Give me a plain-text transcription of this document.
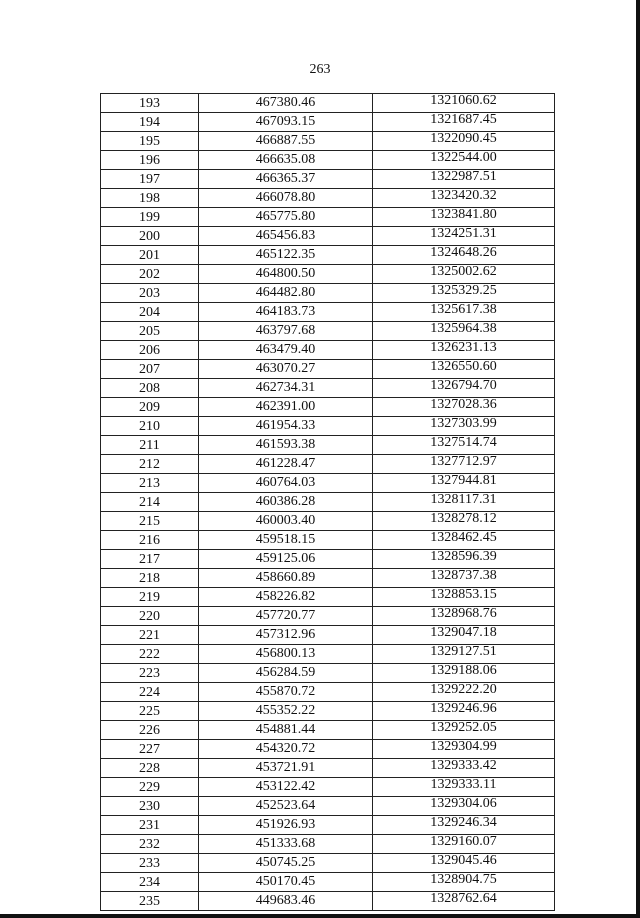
263
193	467380.46	1321060.62
194	467093.15	1321687.45
195	466887.55	1322090.45
196	466635.08	1322544.00
197	466365.37	1322987.51
198	466078.80	1323420.32
199	465775.80	1323841.80
200	465456.83	1324251.31
201	465122.35	1324648.26
202	464800.50	1325002.62
203	464482.80	1325329.25
204	464183.73	1325617.38
205	463797.68	1325964.38
206	463479.40	1326231.13
207	463070.27	1326550.60
208	462734.31	1326794.70
209	462391.00	1327028.36
210	461954.33	1327303.99
211	461593.38	1327514.74
212	461228.47	1327712.97
213	460764.03	1327944.81
214	460386.28	1328117.31
215	460003.40	1328278.12
216	459518.15	1328462.45
217	459125.06	1328596.39
218	458660.89	1328737.38
219	458226.82	1328853.15
220	457720.77	1328968.76
221	457312.96	1329047.18
222	456800.13	1329127.51
223	456284.59	1329188.06
224	455870.72	1329222.20
225	455352.22	1329246.96
226	454881.44	1329252.05
227	454320.72	1329304.99
228	453721.91	1329333.42
229	453122.42	1329333.11
230	452523.64	1329304.06
231	451926.93	1329246.34
232	451333.68	1329160.07
233	450745.25	1329045.46
234	450170.45	1328904.75
235	449683.46	1328762.64
